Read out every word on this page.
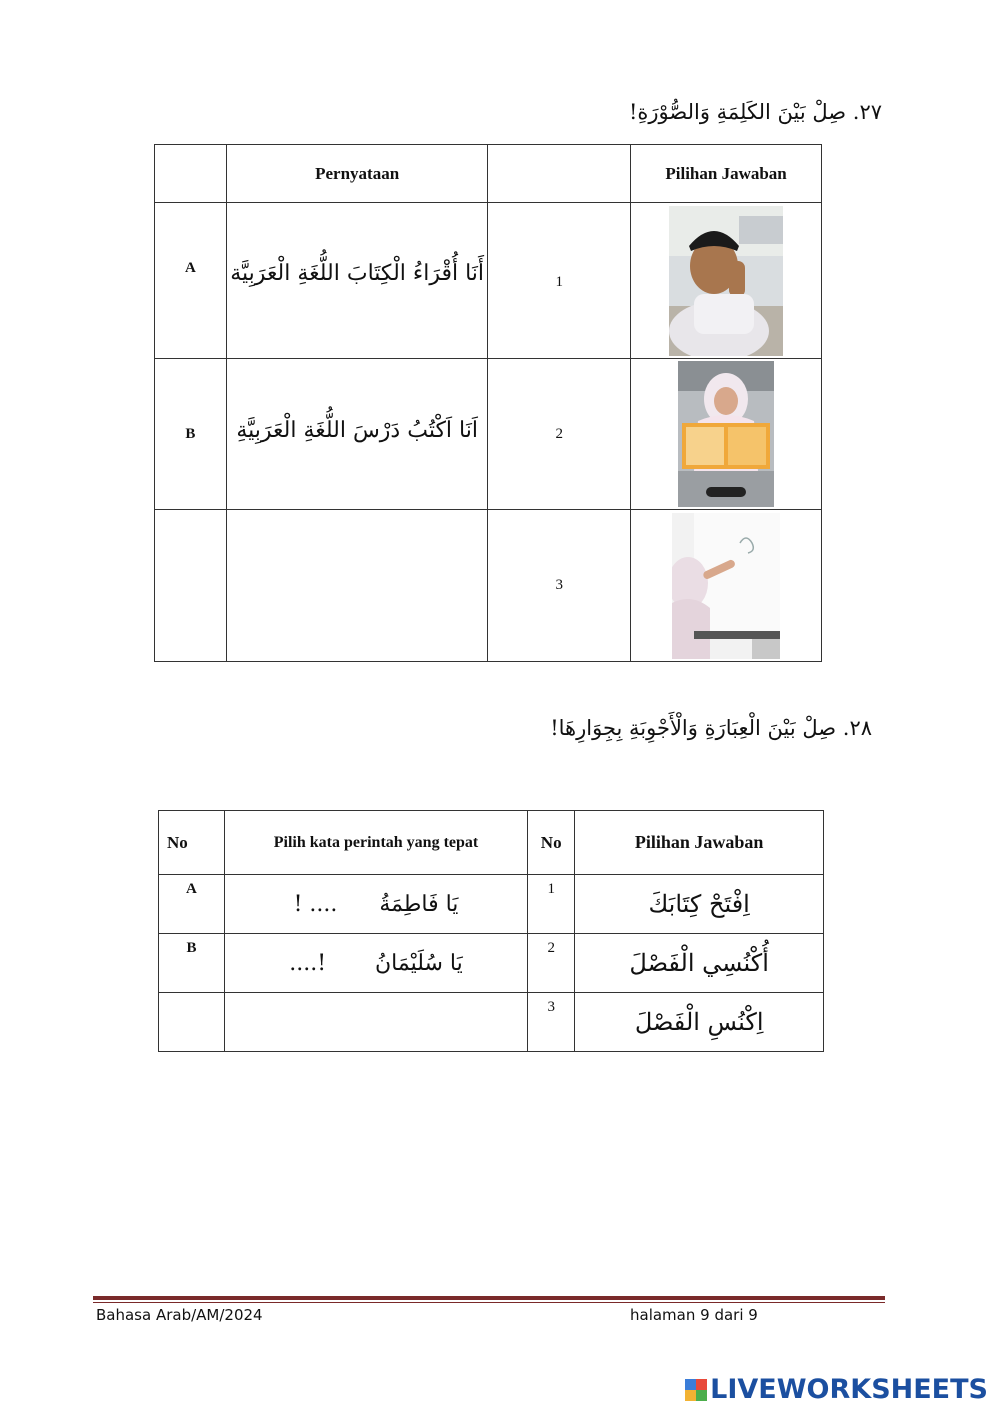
٢٧. صِلْ بَيْنَ الكَلِمَةِ وَالصُّوْرَةِ!
	Pernyataan		Pilihan Jawaban
A	أَنَا أُقْرَاءُ الْكِتَابَ اللُّغَةِ الْعَرَبِيَّة	1	

B	اَنَا اَكْتُبُ دَرْسَ اللُّغَةِ الْعَرَبِيَّةِ	2	

		3	
٢٨. صِلْ بَيْنَ الْعِبَارَةِ وَالْأَجْوِبَةِ بِجِوَارِهَا!
No	Pilih kata perintah yang tepat	No	Pilihan Jawaban
A	يَا فَاطِمَةُ      .... !	1	اِفْتَحْ كِتَابَكَ
B	يَا سُلَيْمَانُ       !....	2	أُكْنُسِي الْفَصْلَ
		3	اِكْنُسِ الْفَصْلَ
Bahasa Arab/AM/2024	halaman 9 dari 9
LIVEWORKSHEETS
